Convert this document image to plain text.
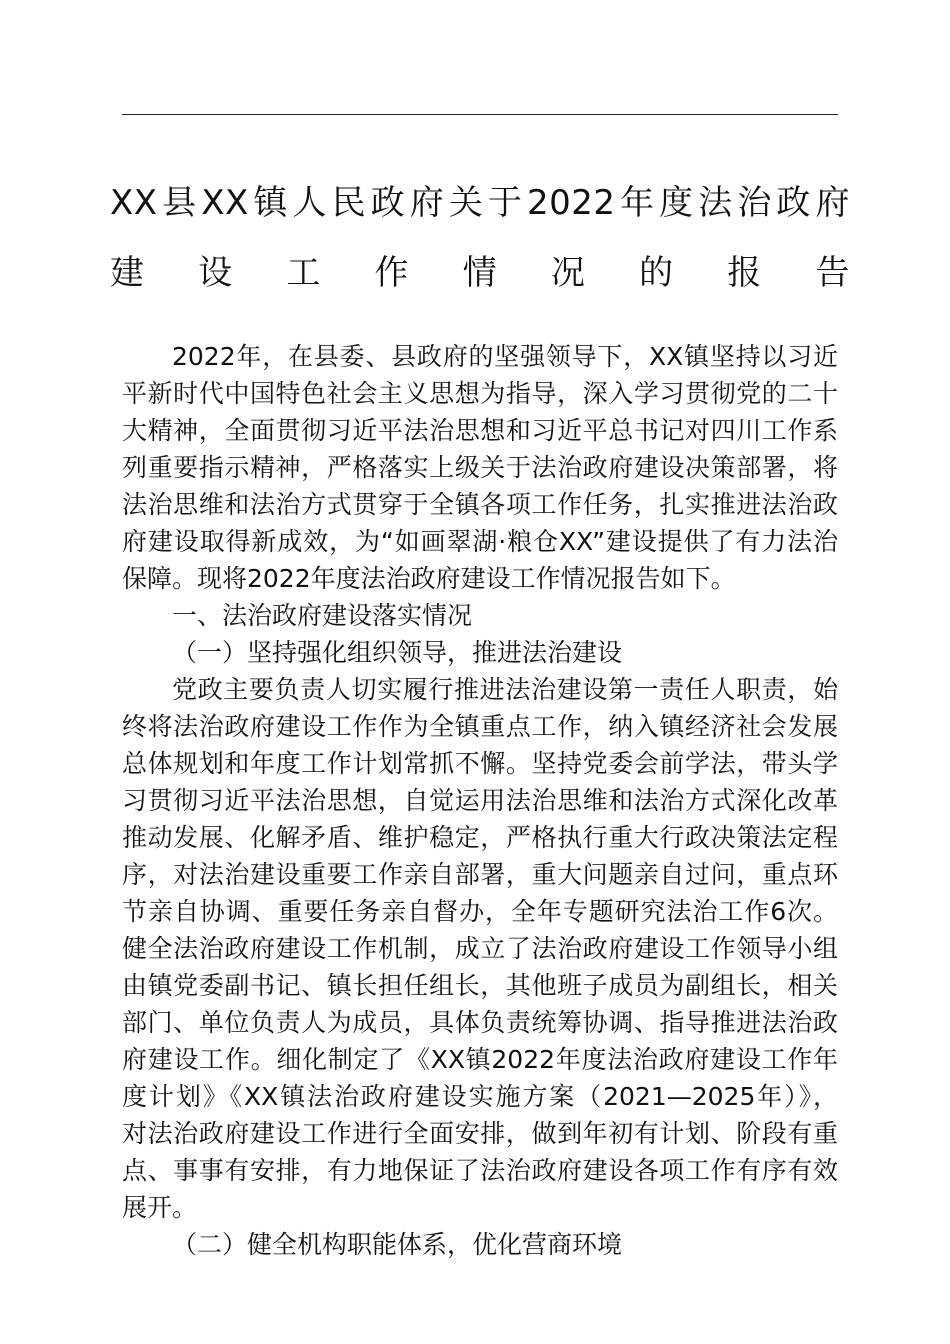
XX县XX镇人民政府关于2022年度法治政府
建设工作情况的报告
2022年，在县委、县政府的坚强领导下，XX镇坚持以习近
平新时代中国特色社会主义思想为指导，深入学习贯彻党的二十
大精神，全面贯彻习近平法治思想和习近平总书记对四川工作系
列重要指示精神，严格落实上级关于法治政府建设决策部署，将
法治思维和法治方式贯穿于全镇各项工作任务，扎实推进法治政
府建设取得新成效，为“如画翠湖·粮仓XX”建设提供了有力法治
保障。现将2022年度法治政府建设工作情况报告如下。
一、法治政府建设落实情况
（一）坚持强化组织领导，推进法治建设
党政主要负责人切实履行推进法治建设第一责任人职责，始
终将法治政府建设工作作为全镇重点工作，纳入镇经济社会发展
总体规划和年度工作计划常抓不懈。坚持党委会前学法，带头学
习贯彻习近平法治思想，自觉运用法治思维和法治方式深化改革
推动发展、化解矛盾、维护稳定，严格执行重大行政决策法定程
序，对法治建设重要工作亲自部署，重大问题亲自过问，重点环
节亲自协调、重要任务亲自督办，全年专题研究法治工作6次。
健全法治政府建设工作机制，成立了法治政府建设工作领导小组
由镇党委副书记、镇长担任组长，其他班子成员为副组长，相关
部门、单位负责人为成员，具体负责统筹协调、指导推进法治政
府建设工作。细化制定了《XX镇2022年度法治政府建设工作年
度计划》《XX镇法治政府建设实施方案（2021—2025年）》，
对法治政府建设工作进行全面安排，做到年初有计划、阶段有重
点、事事有安排，有力地保证了法治政府建设各项工作有序有效
展开。
（二）健全机构职能体系，优化营商环境
